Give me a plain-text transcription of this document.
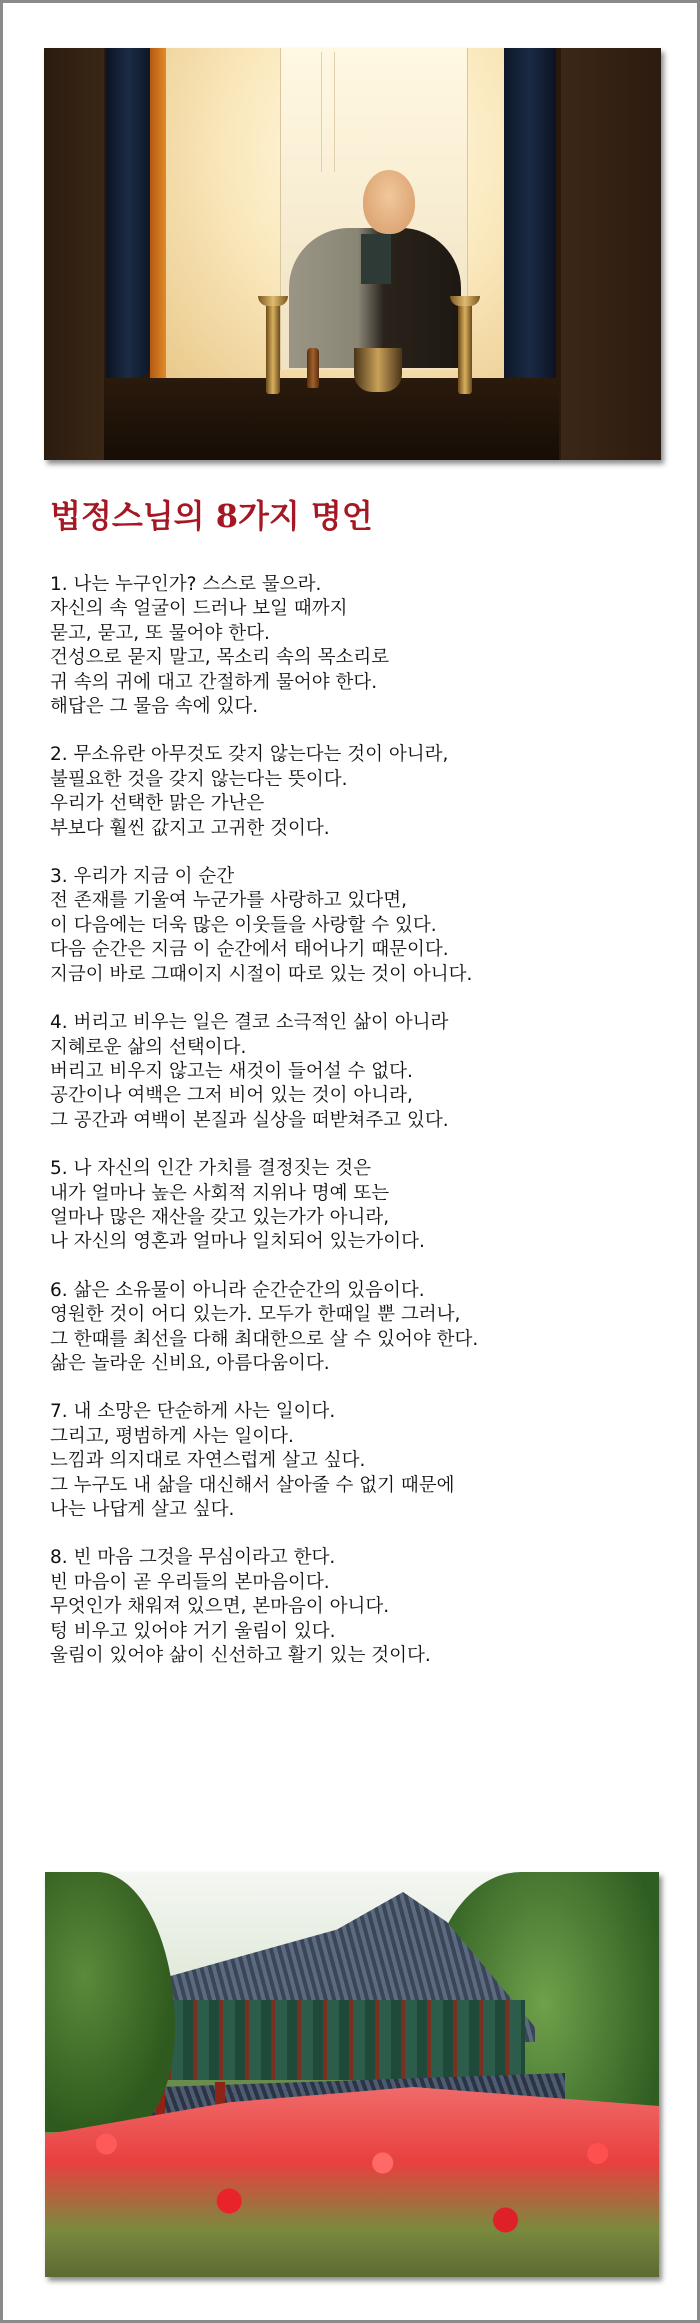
법정스님의 8가지 명언
1. 나는 누구인가? 스스로 물으라.
자신의 속 얼굴이 드러나 보일 때까지
묻고, 묻고, 또 물어야 한다.
건성으로 묻지 말고, 목소리 속의 목소리로
귀 속의 귀에 대고 간절하게 물어야 한다.
해답은 그 물음 속에 있다.
2. 무소유란 아무것도 갖지 않는다는 것이 아니라,
불필요한 것을 갖지 않는다는 뜻이다.
우리가 선택한 맑은 가난은
부보다 훨씬 값지고 고귀한 것이다.
3. 우리가 지금 이 순간
전 존재를 기울여 누군가를 사랑하고 있다면,
이 다음에는 더욱 많은 이웃들을 사랑할 수 있다.
다음 순간은 지금 이 순간에서 태어나기 때문이다.
지금이 바로 그때이지 시절이 따로 있는 것이 아니다.
4. 버리고 비우는 일은 결코 소극적인 삶이 아니라
지혜로운 삶의 선택이다.
버리고 비우지 않고는 새것이 들어설 수 없다.
공간이나 여백은 그저 비어 있는 것이 아니라,
그 공간과 여백이 본질과 실상을 떠받쳐주고 있다.
5. 나 자신의 인간 가치를 결정짓는 것은
내가 얼마나 높은 사회적 지위나 명예 또는
얼마나 많은 재산을 갖고 있는가가 아니라,
나 자신의 영혼과 얼마나 일치되어 있는가이다.
6. 삶은 소유물이 아니라 순간순간의 있음이다.
영원한 것이 어디 있는가. 모두가 한때일 뿐 그러나,
그 한때를 최선을 다해 최대한으로 살 수 있어야 한다.
삶은 놀라운 신비요, 아름다움이다.
7. 내 소망은 단순하게 사는 일이다.
그리고, 평범하게 사는 일이다.
느낌과 의지대로 자연스럽게 살고 싶다.
그 누구도 내 삶을 대신해서 살아줄 수 없기 때문에
나는 나답게 살고 싶다.
8. 빈 마음 그것을 무심이라고 한다.
빈 마음이 곧 우리들의 본마음이다.
무엇인가 채워져 있으면, 본마음이 아니다.
텅 비우고 있어야 거기 울림이 있다.
울림이 있어야 삶이 신선하고 활기 있는 것이다.
